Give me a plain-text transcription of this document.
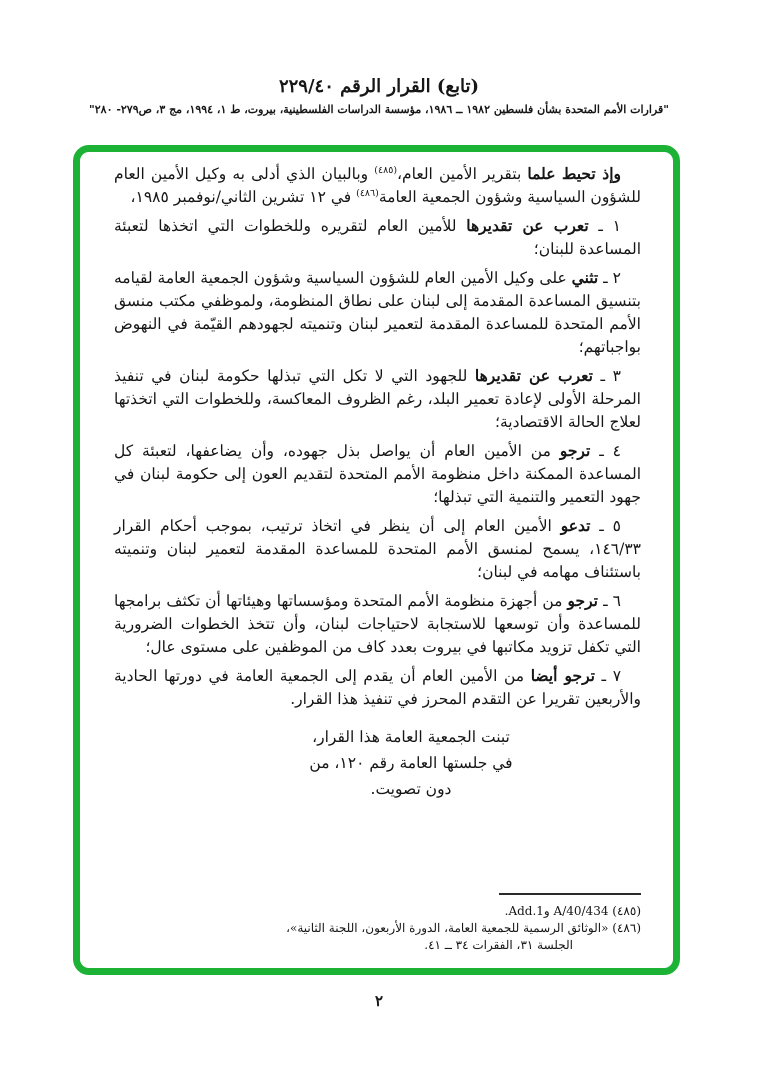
(تابع) القرار الرقم ٢٢٩/٤٠
"قرارات الأمم المتحدة بشأن فلسطين ١٩٨٢ ــ ١٩٨٦، مؤسسة الدراسات الفلسطينية، بيروت، ط ١، ١٩٩٤، مج ٣، ص٢٧٩- ٢٨٠"

وإذ تحيط علما بتقرير الأمين العام،$^{(٤٨٥)}$ وبالبيان الذي أدلى به وكيل الأمين العام للشؤون السياسية وشؤون الجمعية العامة$^{(٤٨٦)}$ في ١٢ تشرين الثاني/نوفمبر ١٩٨٥،

١ ـ تعرب عن تقديرها للأمين العام لتقريره وللخطوات التي اتخذها لتعبئة المساعدة للبنان؛

٢ ـ تثني على وكيل الأمين العام للشؤون السياسية وشؤون الجمعية العامة لقيامه بتنسيق المساعدة المقدمة إلى لبنان على نطاق المنظومة، ولموظفي مكتب منسق الأمم المتحدة للمساعدة المقدمة لتعمير لبنان وتنميته لجهودهم القيّمة في النهوض بواجباتهم؛

٣ ـ تعرب عن تقديرها للجهود التي لا تكل التي تبذلها حكومة لبنان في تنفيذ المرحلة الأولى لإعادة تعمير البلد، رغم الظروف المعاكسة، وللخطوات التي اتخذتها لعلاج الحالة الاقتصادية؛

٤ ـ ترجو من الأمين العام أن يواصل بذل جهوده، وأن يضاعفها، لتعبئة كل المساعدة الممكنة داخل منظومة الأمم المتحدة لتقديم العون إلى حكومة لبنان في جهود التعمير والتنمية التي تبذلها؛

٥ ـ تدعو الأمين العام إلى أن ينظر في اتخاذ ترتيب، بموجب أحكام القرار ١٤٦/٣٣، يسمح لمنسق الأمم المتحدة للمساعدة المقدمة لتعمير لبنان وتنميته باستئناف مهامه في لبنان؛

٦ ـ ترجو من أجهزة منظومة الأمم المتحدة ومؤسساتها وهيئاتها أن تكثف برامجها للمساعدة وأن توسعها للاستجابة لاحتياجات لبنان، وأن تتخذ الخطوات الضرورية التي تكفل تزويد مكاتبها في بيروت بعدد كاف من الموظفين على مستوى عال؛

٧ ـ ترجو أيضا من الأمين العام أن يقدم إلى الجمعية العامة في دورتها الحادية والأربعين تقريرا عن التقدم المحرز في تنفيذ هذا القرار.

تبنت الجمعية العامة هذا القرار،
في جلستها العامة رقم ١٢٠، من
دون تصويت.
(٤٨٥) A/40/434 وAdd.1.
(٤٨٦) «الوثائق الرسمية للجمعية العامة، الدورة الأربعون، اللجنة الثانية»،
الجلسة ٣١، الفقرات ٣٤ ــ ٤١.
٢
